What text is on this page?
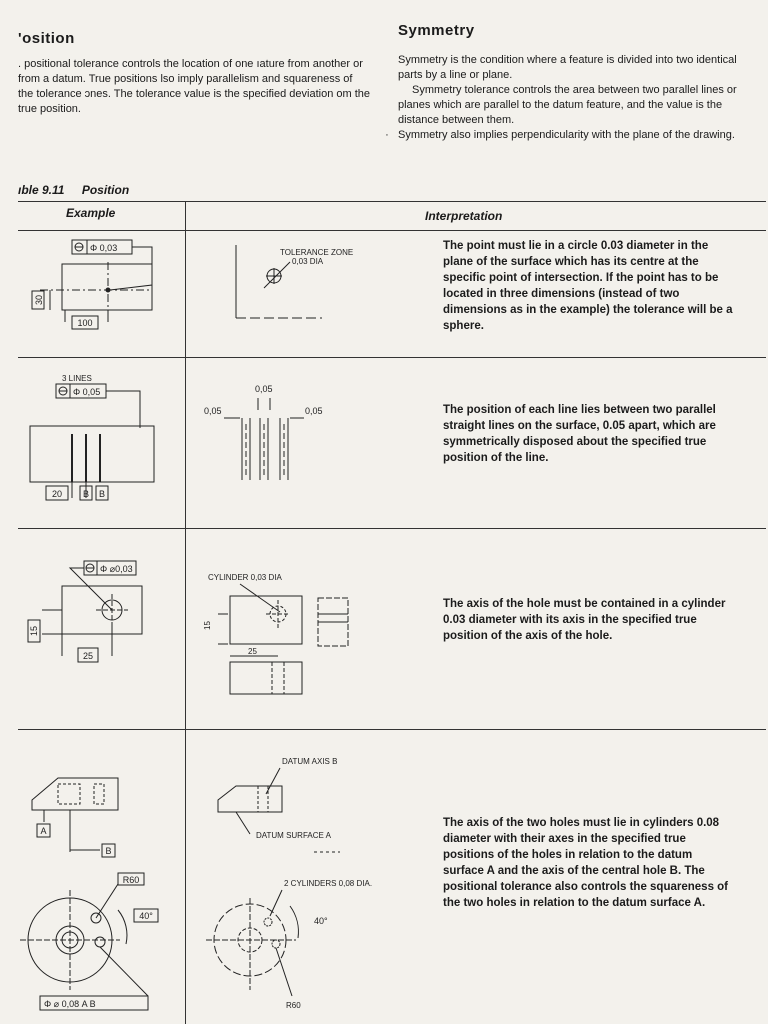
'osition

. positional tolerance controls the location of one ıature from another or from a datum. True positions lso imply parallelism and squareness of the tolerance ɔnes. The tolerance value is the specified deviation om the true position.

Symmetry

Symmetry is the condition where a feature is divided into two identical parts by a line or plane.

Symmetry tolerance controls the area between two parallel lines or planes which are parallel to the datum feature, and the value is the distance between them.

· Symmetry also implies perpendicularity with the plane of the drawing.
ıble 9.11 Position
Example	Interpretation
The point must lie in a circle 0.03 diameter in the plane of the surface which has its centre at the specific point of intersection. If the point has to be located in three dimensions (instead of two dimensions as in the example) the tolerance will be a sphere.
The position of each line lies between two parallel straight lines on the surface, 0.05 apart, which are symmetrically disposed about the specified true position of the line.
The axis of the hole must be contained in a cylinder 0.03 diameter with its axis in the specified true position of the axis of the hole.
The axis of the two holes must lie in cylinders 0.08 diameter with their axes in the specified true positions of the holes in relation to the datum surface A and the axis of the central hole B. The positional tolerance also controls the squareness of the two holes in relation to the datum surface A.
Φ 0,03
30
100
TOLERANCE ZONE
0,03 DIA
3 LINES
Φ 0,05
20 B B
0,05
0,05	0,05
Φ ⌀0,03
15
25
CYLINDER 0,03 DIA
15
25
A
B
R60
40°
Φ ⌀ 0,08 A B
DATUM AXIS B
DATUM SURFACE A
2 CYLINDERS 0,08 DIA.
40°
R60
